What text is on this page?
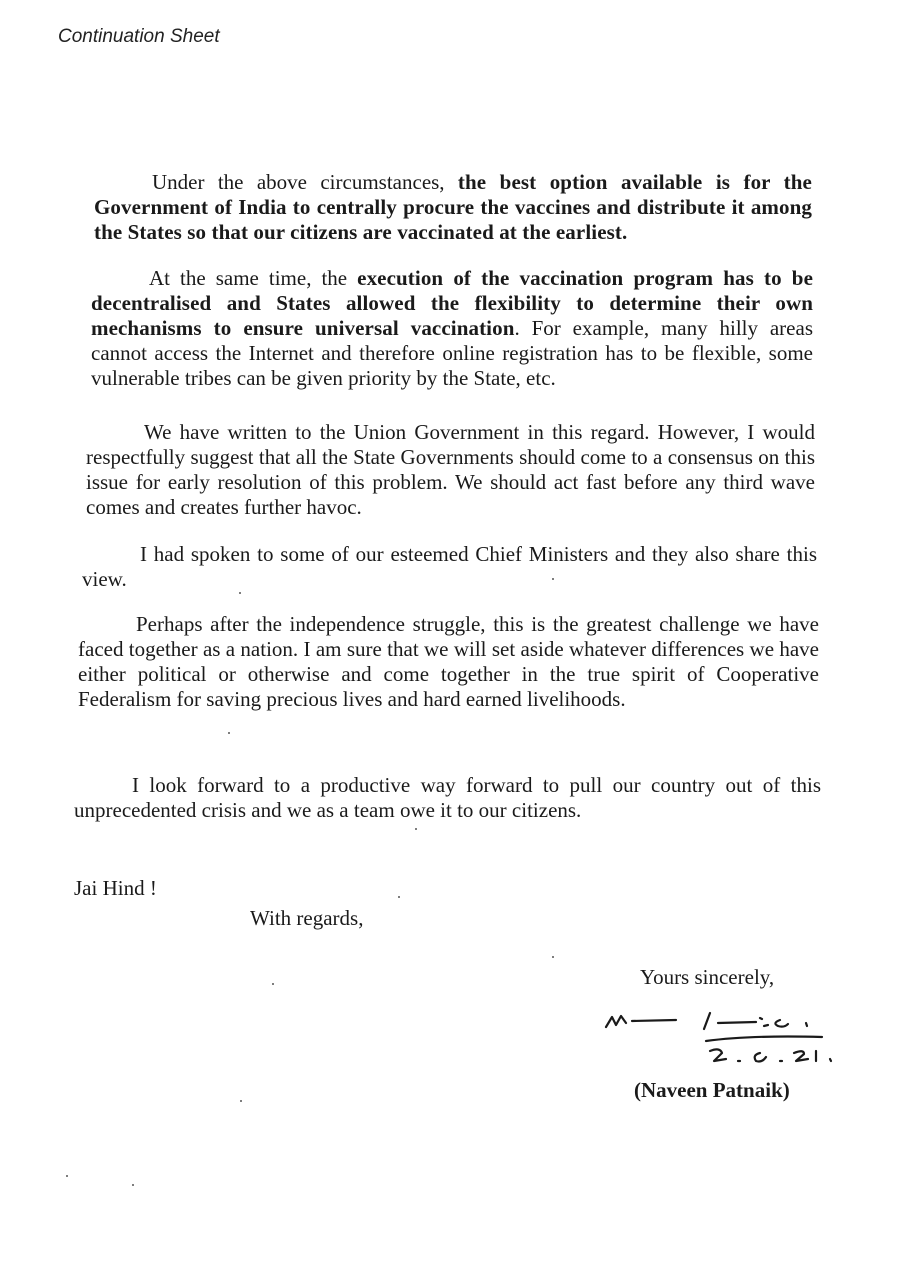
Continuation Sheet

Under the above circumstances, the best option available is for the Government of India to centrally procure the vaccines and distribute it among the States so that our citizens are vaccinated at the earliest.

At the same time, the execution of the vaccination program has to be decentralised and States allowed the flexibility to determine their own mechanisms to ensure universal vaccination. For example, many hilly areas cannot access the Internet and therefore online registration has to be flexible, some vulnerable tribes can be given priority by the State, etc.

We have written to the Union Government in this regard. However, I would respectfully suggest that all the State Governments should come to a consensus on this issue for early resolution of this problem. We should act fast before any third wave comes and creates further havoc.

I had spoken to some of our esteemed Chief Ministers and they also share this view.

Perhaps after the independence struggle, this is the greatest challenge we have faced together as a nation. I am sure that we will set aside whatever differences we have either political or otherwise and come together in the true spirit of Cooperative Federalism for saving precious lives and hard earned livelihoods.

I look forward to a productive way forward to pull our country out of this unprecedented crisis and we as a team owe it to our citizens.

Jai Hind !

With regards,

Yours sincerely,

(Naveen Patnaik)
